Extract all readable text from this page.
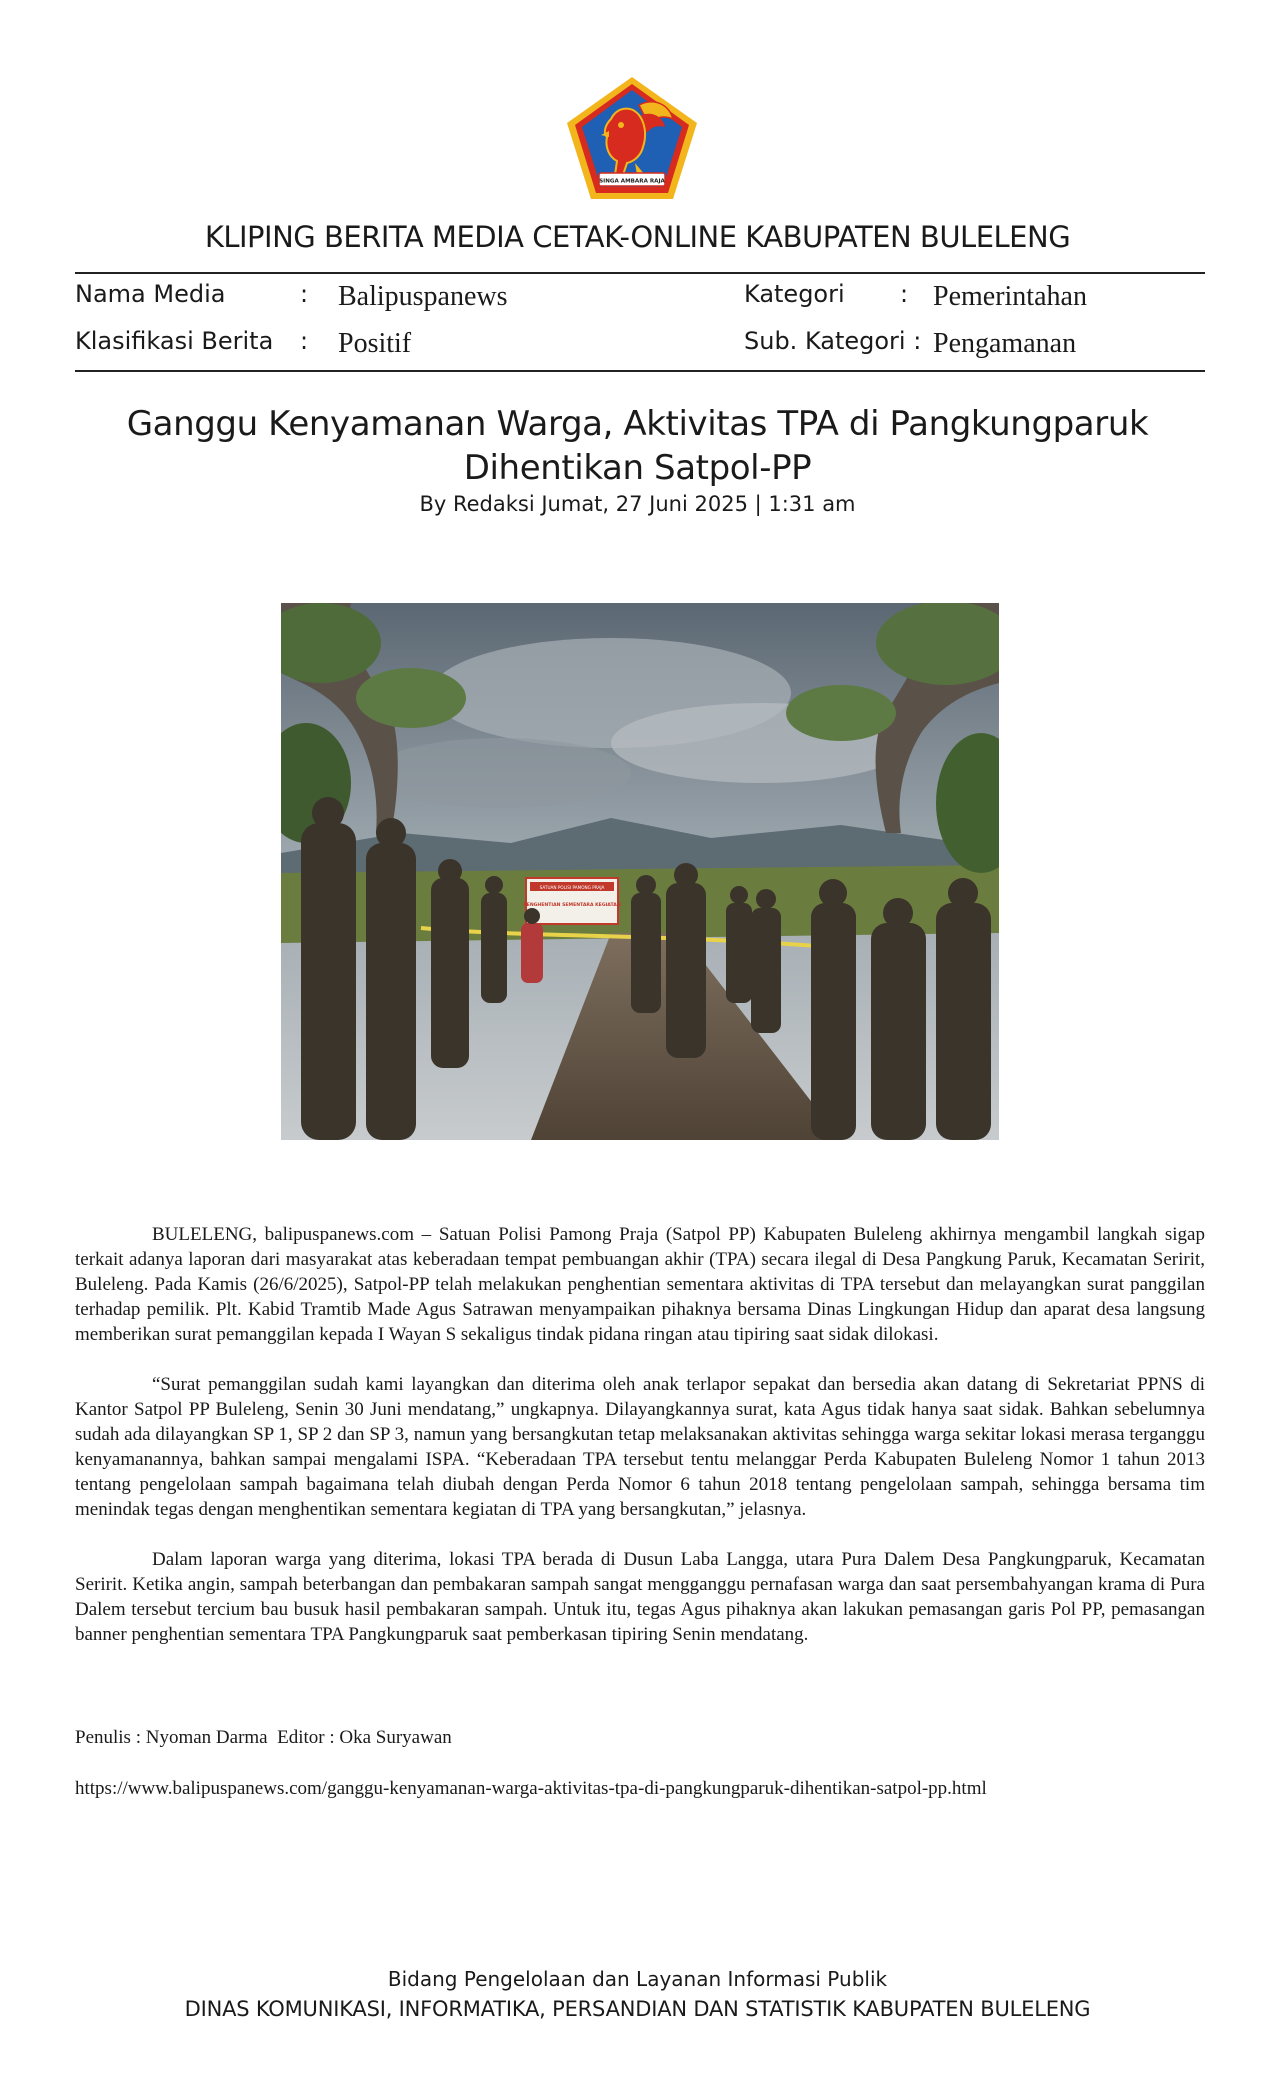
SINGA AMBARA RAJA
KLIPING BERITA MEDIA CETAK-ONLINE KABUPATEN BULELENG
Nama Media	: Balipuspanews
Klasifikasi Berita : Positif
Kategori : Pemerintahan
Sub. Kategori : Pengamanan
Ganggu Kenyamanan Warga, Aktivitas TPA di Pangkungparuk
Dihentikan Satpol-PP
By Redaksi Jumat, 27 Juni 2025 | 1:31 am
SATUAN POLISI PAMONG PRAJA
PENGHENTIAN SEMENTARA KEGIATAN

BULELENG, balipuspanews.com – Satuan Polisi Pamong Praja (Satpol PP) Kabupaten Buleleng akhirnya mengambil langkah sigap terkait adanya laporan dari masyarakat atas keberadaan tempat pembuangan akhir (TPA) secara ilegal di Desa Pangkung Paruk, Kecamatan Seririt, Buleleng. Pada Kamis (26/6/2025), Satpol-PP telah melakukan penghentian sementara aktivitas di TPA tersebut dan melayangkan surat panggilan terhadap pemilik. Plt. Kabid Tramtib Made Agus Satrawan menyampaikan pihaknya bersama Dinas Lingkungan Hidup dan aparat desa langsung memberikan surat pemanggilan kepada I Wayan S sekaligus tindak pidana ringan atau tipiring saat sidak dilokasi.

“Surat pemanggilan sudah kami layangkan dan diterima oleh anak terlapor sepakat dan bersedia akan datang di Sekretariat PPNS di Kantor Satpol PP Buleleng, Senin 30 Juni mendatang,” ungkapnya. Dilayangkannya surat, kata Agus tidak hanya saat sidak. Bahkan sebelumnya sudah ada dilayangkan SP 1, SP 2 dan SP 3, namun yang bersangkutan tetap melaksanakan aktivitas sehingga warga sekitar lokasi merasa terganggu kenyamanannya, bahkan sampai mengalami ISPA. “Keberadaan TPA tersebut tentu melanggar Perda Kabupaten Buleleng Nomor 1 tahun 2013 tentang pengelolaan sampah bagaimana telah diubah dengan Perda Nomor 6 tahun 2018 tentang pengelolaan sampah, sehingga bersama tim menindak tegas dengan menghentikan sementara kegiatan di TPA yang bersangkutan,” jelasnya.

Dalam laporan warga yang diterima, lokasi TPA berada di Dusun Laba Langga, utara Pura Dalem Desa Pangkungparuk, Kecamatan Seririt. Ketika angin, sampah beterbangan dan pembakaran sampah sangat mengganggu pernafasan warga dan saat persembahyangan krama di Pura Dalem tersebut tercium bau busuk hasil pembakaran sampah. Untuk itu, tegas Agus pihaknya akan lakukan pemasangan garis Pol PP, pemasangan banner penghentian sementara TPA Pangkungparuk saat pemberkasan tipiring Senin mendatang.

Penulis : Nyoman Darma  Editor : Oka Suryawan
https://www.balipuspanews.com/ganggu-kenyamanan-warga-aktivitas-tpa-di-pangkungparuk-dihentikan-satpol-pp.html
Bidang Pengelolaan dan Layanan Informasi Publik
DINAS KOMUNIKASI, INFORMATIKA, PERSANDIAN DAN STATISTIK KABUPATEN BULELENG
